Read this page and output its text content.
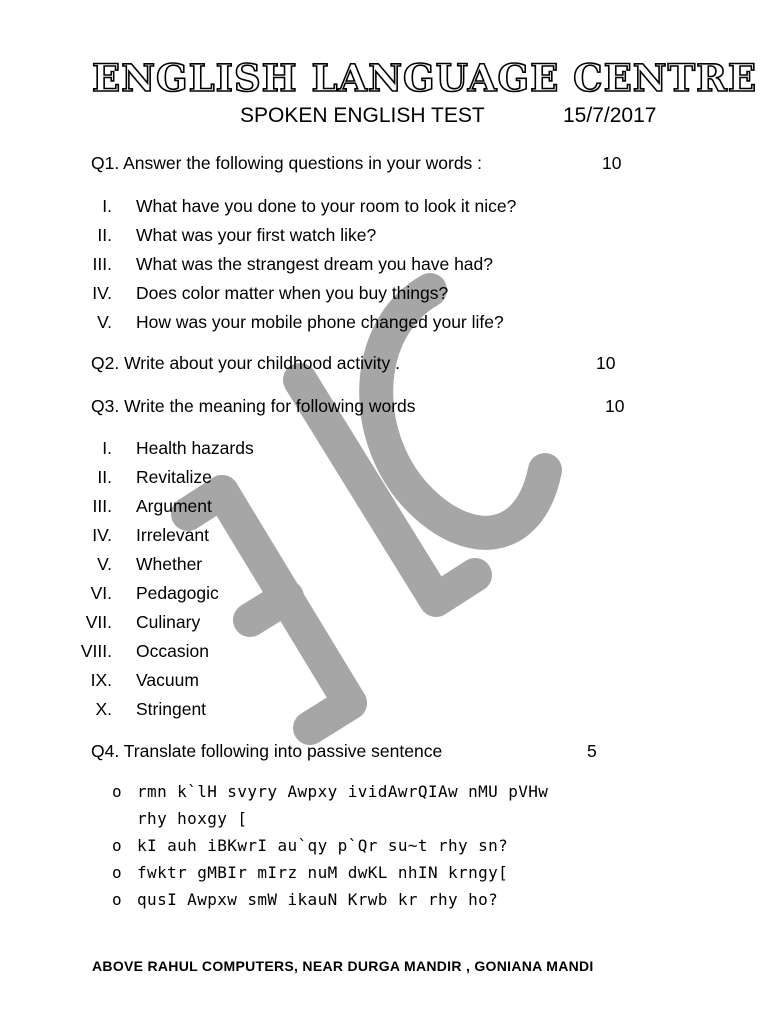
ENGLISH LANGUAGE CENTRE
SPOKEN ENGLISH TEST	15/7/2017
Q1. Answer the following questions in your words :	10
I. What have you done to your room to look it nice?
II. What was your first watch like?
III. What was the strangest dream you have had?
IV. Does color matter when you buy things?
V. How was your mobile phone changed your life?
Q2. Write about your childhood activity .	10
Q3. Write the meaning for following words	10
I. Health hazards
II. Revitalize
III. Argument
IV. Irrelevant
V. Whether
VI. Pedagogic
VII. Culinary
VIII. Occasion
IX. Vacuum
X. Stringent
Q4. Translate following into passive sentence	5
o rmn k`lH svyry Awpxy ividAwrQIAw nMU pVHw
rhy hoxgy [
o kI auh iBKwrI au`qy p`Qr su~t rhy sn?
o fwktr gMBIr mIrz nuM dwKL nhIN krngy[
o qusI Awpxw smW ikauN Krwb kr rhy ho?
ABOVE RAHUL COMPUTERS, NEAR DURGA MANDIR , GONIANA MANDI
